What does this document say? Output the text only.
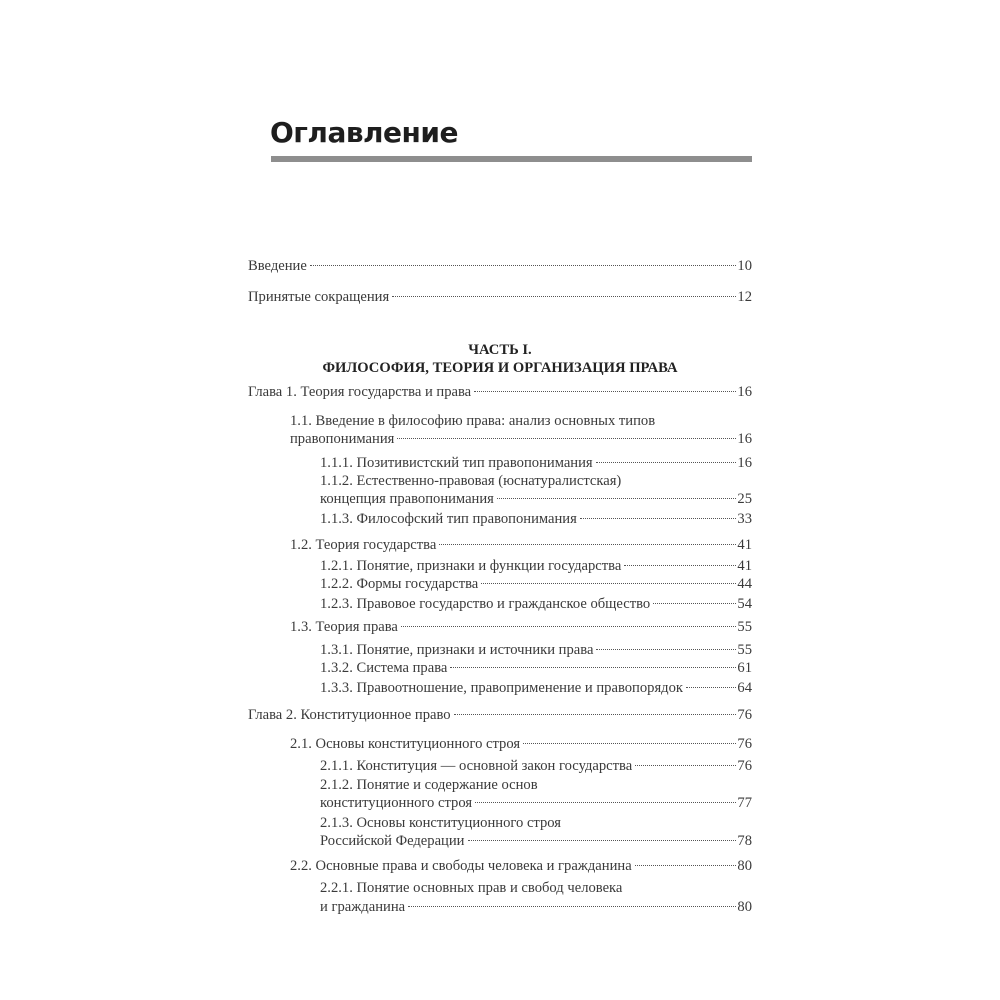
Оглавление
Введение	10
Принятые сокращения	12
ЧАСТЬ I.
ФИЛОСОФИЯ, ТЕОРИЯ И ОРГАНИЗАЦИЯ ПРАВА
Глава 1. Теория государства и права	16
1.1. Введение в философию права: анализ основных типов
правопонимания	16
1.1.1. Позитивистский тип правопонимания	16
1.1.2. Естественно-правовая (юснатуралистская)
концепция правопонимания	25
1.1.3. Философский тип правопонимания	33
1.2. Теория государства	41
1.2.1. Понятие, признаки и функции государства	41
1.2.2. Формы государства	44
1.2.3. Правовое государство и гражданское общество	54
1.3. Теория права	55
1.3.1. Понятие, признаки и источники права	55
1.3.2. Система права	61
1.3.3. Правоотношение, правоприменение и правопорядок	64
Глава 2. Конституционное право	76
2.1. Основы конституционного строя	76
2.1.1. Конституция — основной закон государства	76
2.1.2. Понятие и содержание основ
конституционного строя	77
2.1.3. Основы конституционного строя
Российской Федерации	78
2.2. Основные права и свободы человека и гражданина	80
2.2.1. Понятие основных прав и свобод человека
и гражданина	80
